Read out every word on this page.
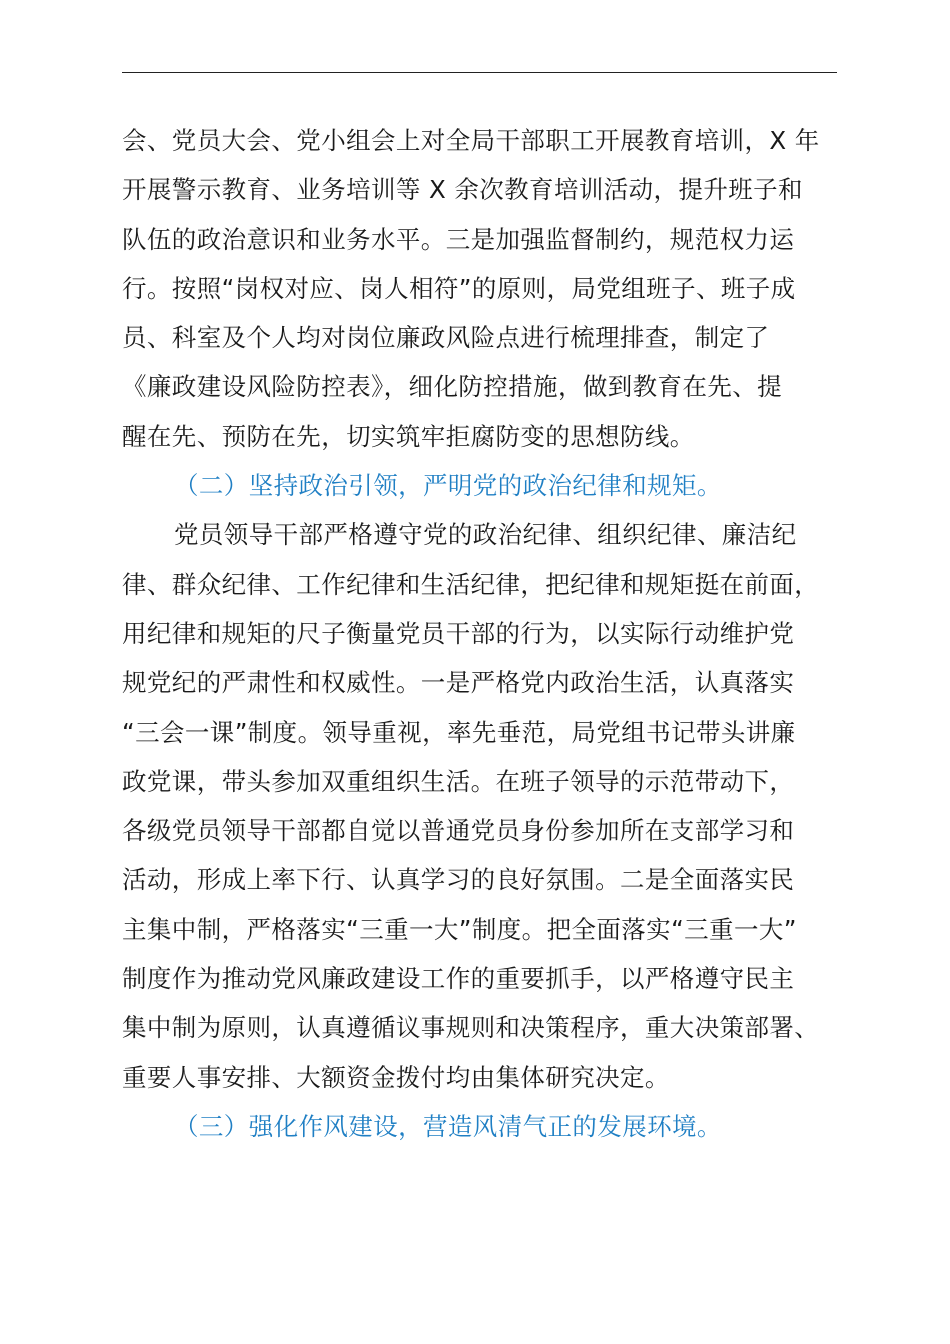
会、党员大会、党小组会上对全局干部职工开展教育培训，X 年
开展警示教育、业务培训等 X 余次教育培训活动，提升班子和
队伍的政治意识和业务水平。三是加强监督制约，规范权力运
行。按照“岗权对应、岗人相符”的原则，局党组班子、班子成
员、科室及个人均对岗位廉政风险点进行梳理排查，制定了
《廉政建设风险防控表》，细化防控措施，做到教育在先、提
醒在先、预防在先，切实筑牢拒腐防变的思想防线。
（二）坚持政治引领，严明党的政治纪律和规矩。
党员领导干部严格遵守党的政治纪律、组织纪律、廉洁纪
律、群众纪律、工作纪律和生活纪律，把纪律和规矩挺在前面，
用纪律和规矩的尺子衡量党员干部的行为，以实际行动维护党
规党纪的严肃性和权威性。一是严格党内政治生活，认真落实
“三会一课”制度。领导重视，率先垂范，局党组书记带头讲廉
政党课，带头参加双重组织生活。在班子领导的示范带动下，
各级党员领导干部都自觉以普通党员身份参加所在支部学习和
活动，形成上率下行、认真学习的良好氛围。二是全面落实民
主集中制，严格落实“三重一大”制度。把全面落实“三重一大”
制度作为推动党风廉政建设工作的重要抓手，以严格遵守民主
集中制为原则，认真遵循议事规则和决策程序，重大决策部署、
重要人事安排、大额资金拨付均由集体研究决定。
（三）强化作风建设，营造风清气正的发展环境。
